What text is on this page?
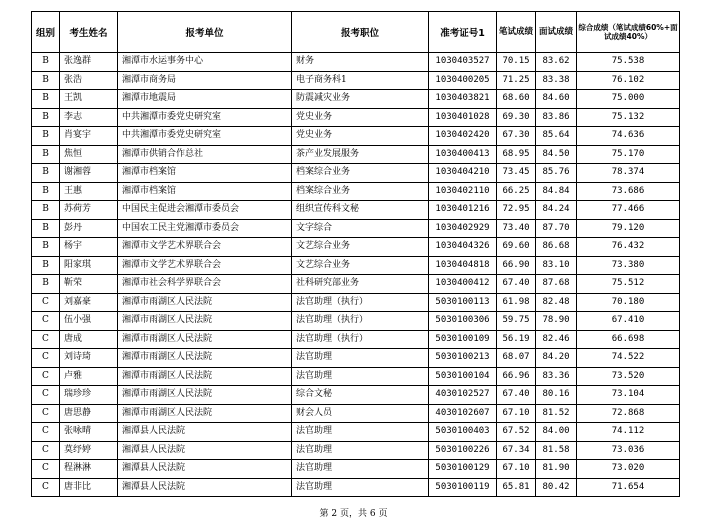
组别	考生姓名	报考单位	报考职位	准考证号1	笔试成绩	面试成绩	综合成绩（笔试成绩60%+面试成绩40%）
B	张逸群	湘潭市水运事务中心	财务	1030403527	70.15	83.62	75.538
B	张浩	湘潭市商务局	电子商务科1	1030400205	71.25	83.38	76.102
B	王凯	湘潭市地震局	防震减灾业务	1030403821	68.60	84.60	75.000
B	李志	中共湘潭市委党史研究室	党史业务	1030401028	69.30	83.86	75.132
B	肖宴宇	中共湘潭市委党史研究室	党史业务	1030402420	67.30	85.64	74.636
B	焦恒	湘潭市供销合作总社	茶产业发展服务	1030400413	68.95	84.50	75.170
B	谢湘蓉	湘潭市档案馆	档案综合业务	1030404210	73.45	85.76	78.374
B	王惠	湘潭市档案馆	档案综合业务	1030402110	66.25	84.84	73.686
B	苏荷芳	中国民主促进会湘潭市委员会	组织宣传科文秘	1030401216	72.95	84.24	77.466
B	彭丹	中国农工民主党湘潭市委员会	文字综合	1030402929	73.40	87.70	79.120
B	杨宇	湘潭市文学艺术界联合会	文艺综合业务	1030404326	69.60	86.68	76.432
B	阳家琪	湘潭市文学艺术界联合会	文艺综合业务	1030404818	66.90	83.10	73.380
B	靳荣	湘潭市社会科学界联合会	社科研究部业务	1030400412	67.40	87.68	75.512
C	刘嘉豪	湘潭市雨湖区人民法院	法官助理（执行）	5030100113	61.98	82.48	70.180
C	伍小强	湘潭市雨湖区人民法院	法官助理（执行）	5030100306	59.75	78.90	67.410
C	唐成	湘潭市雨湖区人民法院	法官助理（执行）	5030100109	56.19	82.46	66.698
C	刘诗琦	湘潭市雨湖区人民法院	法官助理	5030100213	68.07	84.20	74.522
C	卢雅	湘潭市雨湖区人民法院	法官助理	5030100104	66.96	83.36	73.520
C	瑞珍珍	湘潭市雨湖区人民法院	综合文秘	4030102527	67.40	80.16	73.104
C	唐思静	湘潭市雨湖区人民法院	财会人员	4030102607	67.10	81.52	72.868
C	张咏晴	湘潭县人民法院	法官助理	5030100403	67.52	84.00	74.112
C	莫纾婷	湘潭县人民法院	法官助理	5030100226	67.34	81.58	73.036
C	程淋淋	湘潭县人民法院	法官助理	5030100129	67.10	81.90	73.020
C	唐非比	湘潭县人民法院	法官助理	5030100119	65.81	80.42	71.654
第 2 页，共 6 页
